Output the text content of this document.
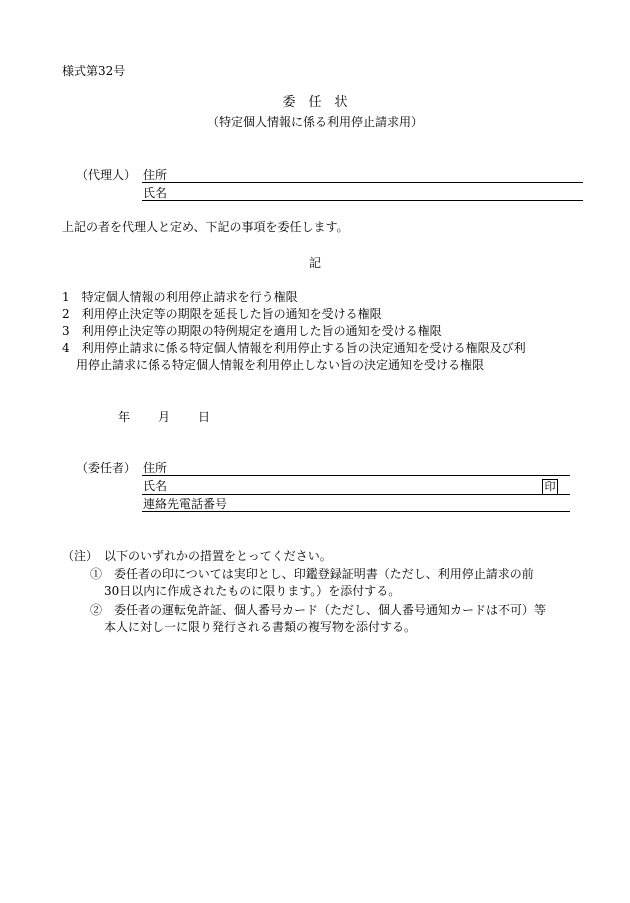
様式第32号
委　任　状
（特定個人情報に係る利用停止請求用）
（代理人） 住所
氏名
上記の者を代理人と定め、下記の事項を委任します。
記
1　特定個人情報の利用停止請求を行う権限
2　利用停止決定等の期限を延長した旨の通知を受ける権限
3　利用停止決定等の期限の特例規定を適用した旨の通知を受ける権限
4　利用停止請求に係る特定個人情報を利用停止する旨の決定通知を受ける権限及び利
用停止請求に係る特定個人情報を利用停止しない旨の決定通知を受ける権限
年 月 日
（委任者） 住所
氏名	印
連絡先電話番号
（注）　以下のいずれかの措置をとってください。
①　委任者の印については実印とし、印鑑登録証明書（ただし、利用停止請求の前
30日以内に作成されたものに限ります。）を添付する。
②　委任者の運転免許証、個人番号カード（ただし、個人番号通知カードは不可）等
本人に対し一に限り発行される書類の複写物を添付する。
